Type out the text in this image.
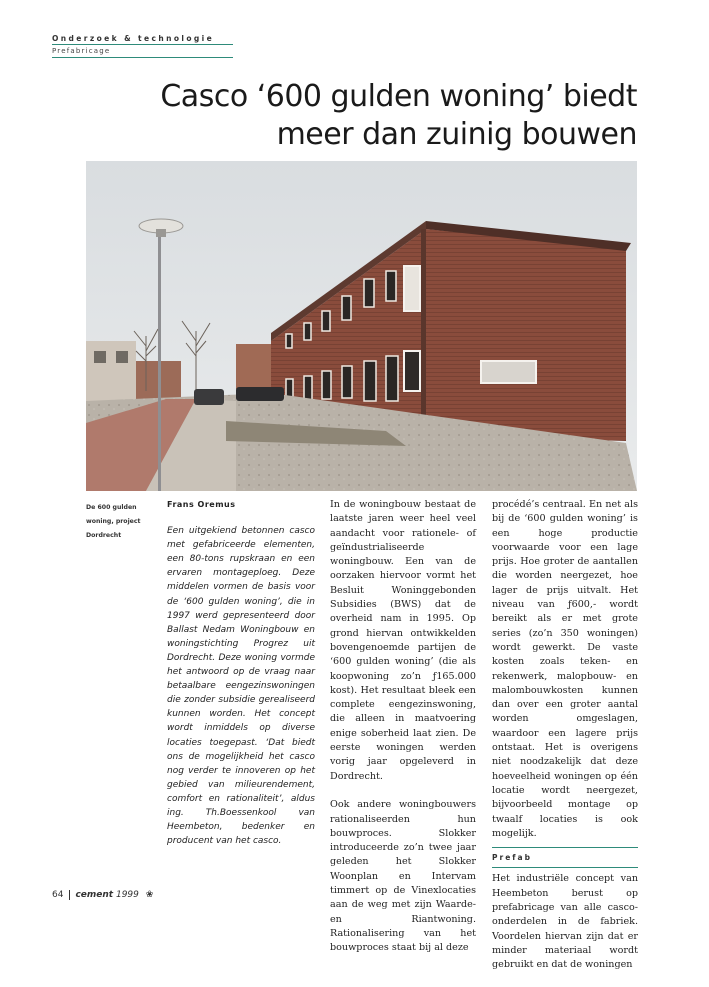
Onderzoek & technologie
Prefabricage
Casco ‘600 gulden woning’ biedt
meer dan zuinig bouwen
De 600 gulden
woning, project
Dordrecht
Frans Oremus
Een uitgekiend betonnen casco met gefabriceerde elementen, een 80-tons rupskraan en een ervaren montageploeg. Deze middelen vormen de basis voor de ‘600 gulden woning’, die in 1997 werd gepresenteerd door Ballast Nedam Woningbouw en woningstichting Progrez uit Dordrecht. Deze woning vormde het antwoord op de vraag naar betaalbare eengezinswoningen die zonder subsidie gerealiseerd kunnen worden. Het concept wordt inmiddels op diverse locaties toegepast. ‘Dat biedt ons de mogelijkheid het casco nog verder te innoveren op het gebied van milieurendement, comfort en rationaliteit’, aldus ing. Th.Boessenkool van Heembeton, bedenker en producent van het casco.

In de woningbouw bestaat de laatste jaren weer heel veel aandacht voor rationele- of geïndustrialiseerde woningbouw. Een van de oorzaken hiervoor vormt het Besluit Woninggebonden Subsidies (BWS) dat de overheid nam in 1995. Op grond hiervan ontwikkelden bovengenoemde partijen de ‘600 gulden woning’ (die als koopwoning zo’n ƒ165.000 kost). Het resultaat bleek een complete eengezinswoning, die alleen in maatvoering enige soberheid laat zien. De eerste woningen werden vorig jaar opgeleverd in Dordrecht.

Ook andere woningbouwers rationaliseerden hun bouwproces. Slokker introduceerde zo’n twee jaar geleden het Slokker Woonplan en Intervam timmert op de Vinexlocaties aan de weg met zijn Waarde- en Riantwoning. Rationalisering van het bouwproces staat bij al deze

procédé’s centraal. En net als bij de ‘600 gulden woning’ is een hoge productie voorwaarde voor een lage prijs. Hoe groter de aantallen die worden neergezet, hoe lager de prijs uitvalt. Het niveau van ƒ600,- wordt bereikt als er met grote series (zo’n 350 woningen) wordt gewerkt. De vaste kosten zoals teken- en rekenwerk, malopbouw- en malombouwkosten kunnen dan over een groter aantal worden omgeslagen, waardoor een lagere prijs ontstaat. Het is overigens niet noodzakelijk dat deze hoeveelheid woningen op één locatie wordt neergezet, bijvoorbeeld montage op twaalf locaties is ook mogelijk.

Prefab

Het industriële concept van Heembeton berust op prefabricage van alle casco-onderdelen in de fabriek. Voordelen hiervan zijn dat er minder materiaal wordt gebruikt en dat de woningen

64 cement 1999 ❀
